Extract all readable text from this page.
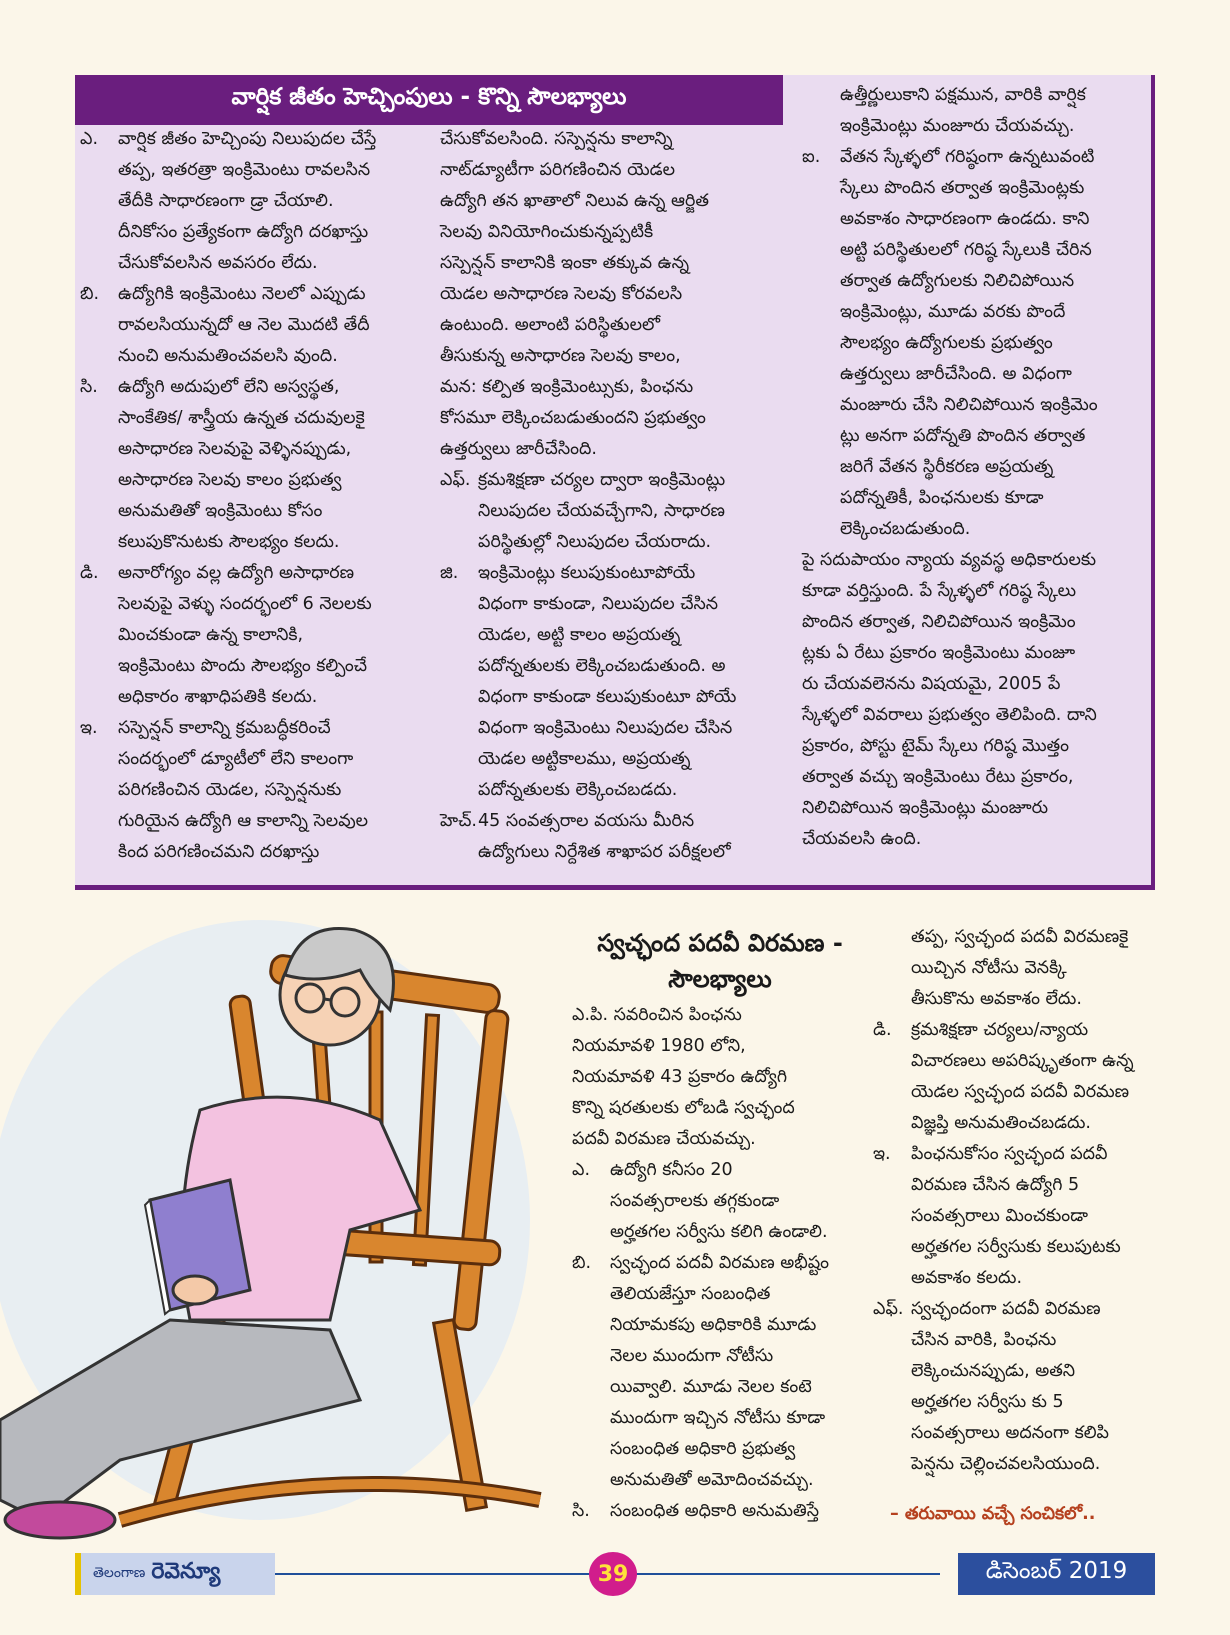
వార్షిక జీతం హెచ్చింపులు - కొన్ని సౌలభ్యాలు
ఎ.	వార్షిక జీతం హెచ్చింపు నిలుపుదల చేస్తే
తప్ప, ఇతరత్రా ఇంక్రిమెంటు రావలసిన
తేదీకి సాధారణంగా డ్రా చేయాలి.
దీనికోసం ప్రత్యేకంగా ఉద్యోగి దరఖాస్తు
చేసుకోవలసిన అవసరం లేదు.
బి.	ఉద్యోగికి ఇంక్రిమెంటు నెలలో ఎప్పుడు
రావలసియున్నదో ఆ నెల మొదటి తేదీ
నుంచి అనుమతించవలసి వుంది.
సి.	ఉద్యోగి అదుపులో లేని అస్వస్థత,
సాంకేతిక/ శాస్త్రీయ ఉన్నత చదువులకై
అసాధారణ సెలవుపై వెళ్ళినప్పుడు,
అసాధారణ సెలవు కాలం ప్రభుత్వ
అనుమతితో ఇంక్రిమెంటు కోసం
కలుపుకొనుటకు సౌలభ్యం కలదు.
డి.	అనారోగ్యం వల్ల ఉద్యోగి అసాధారణ
సెలవుపై వెళ్ళు సందర్భంలో 6 నెలలకు
మించకుండా ఉన్న కాలానికి,
ఇంక్రిమెంటు పొందు సౌలభ్యం కల్పించే
అధికారం శాఖాధిపతికి కలదు.
ఇ.	సస్పెన్షన్ కాలాన్ని క్రమబద్ధీకరించే
సందర్భంలో డ్యూటీలో లేని కాలంగా
పరిగణించిన యెడల, సస్పెన్షనుకు
గురియైన ఉద్యోగి ఆ కాలాన్ని సెలవుల
కింద పరిగణించమని దరఖాస్తు
చేసుకోవలసింది. సస్పెన్షను కాలాన్ని
నాట్‌డ్యూటీగా పరిగణించిన యెడల
ఉద్యోగి తన ఖాతాలో నిలువ ఉన్న ఆర్జిత
సెలవు వినియోగించుకున్నప్పటికీ
సస్పెన్షన్ కాలానికి ఇంకా తక్కువ ఉన్న
యెడల అసాధారణ సెలవు కోరవలసి
ఉంటుంది. అలాంటి పరిస్థితులలో
తీసుకున్న అసాధారణ సెలవు కాలం,
మన: కల్పిత ఇంక్రిమెంట్సుకు, పింఛను
కోసమూ లెక్కించబడుతుందని ప్రభుత్వం
ఉత్తర్వులు జారీచేసింది.
ఎఫ్. క్రమశిక్షణా చర్యల ద్వారా ఇంక్రిమెంట్లు
నిలుపుదల చేయవచ్చేగాని, సాధారణ
పరిస్థితుల్లో నిలుపుదల చేయరాదు.
జి.	ఇంక్రిమెంట్లు కలుపుకుంటూపోయే
విధంగా కాకుండా, నిలుపుదల చేసిన
యెడల, అట్టి కాలం అప్రయత్న
పదోన్నతులకు లెక్కించబడుతుంది. అ
విధంగా కాకుండా కలుపుకుంటూ పోయే
విధంగా ఇంక్రిమెంటు నిలుపుదల చేసిన
యెడల అట్టికాలము, అప్రయత్న
పదోన్నతులకు లెక్కించబడదు.
హెచ్. 45 సంవత్సరాల వయసు మీరిన
ఉద్యోగులు నిర్దేశిత శాఖాపర పరీక్షలలో
ఉత్తీర్ణులుకాని పక్షమున, వారికి వార్షిక
ఇంక్రిమెంట్లు మంజూరు చేయవచ్చు.
ఐ.	వేతన స్కేళ్ళలో గరిష్ఠంగా ఉన్నటువంటి
స్కేలు పొందిన తర్వాత ఇంక్రిమెంట్లకు
అవకాశం సాధారణంగా ఉండదు. కాని
అట్టి పరిస్థితులలో గరిష్ఠ స్కేలుకి చేరిన
తర్వాత ఉద్యోగులకు నిలిచిపోయిన
ఇంక్రిమెంట్లు, మూడు వరకు పొందే
సౌలభ్యం ఉద్యోగులకు ప్రభుత్వం
ఉత్తర్వులు జారీచేసింది. అ విధంగా
మంజూరు చేసి నిలిచిపోయిన ఇంక్రిమెం
ట్లు అనగా పదోన్నతి పొందిన తర్వాత
జరిగే వేతన స్థిరీకరణ అప్రయత్న
పదోన్నతికీ, పింఛనులకు కూడా
లెక్కించబడుతుంది.
పై సదుపాయం న్యాయ వ్యవస్థ అధికారులకు
కూడా వర్తిస్తుంది. పే స్కేళ్ళలో గరిష్ఠ స్కేలు
పొందిన తర్వాత, నిలిచిపోయిన ఇంక్రిమెం
ట్లకు ఏ రేటు ప్రకారం ఇంక్రిమెంటు మంజూ
రు చేయవలెనను విషయమై, 2005 పే
స్కేళ్ళలో వివరాలు ప్రభుత్వం తెలిపింది. దాని
ప్రకారం, పోస్టు టైమ్ స్కేలు గరిష్ఠ మొత్తం
తర్వాత వచ్చు ఇంక్రిమెంటు రేటు ప్రకారం,
నిలిచిపోయిన ఇంక్రిమెంట్లు మంజూరు
చేయవలసి ఉంది.
స్వచ్ఛంద పదవీ విరమణ - సౌలభ్యాలు
ఎ.పి. సవరించిన పింఛను
నియమావళి 1980 లోని,
నియమావళి 43 ప్రకారం ఉద్యోగి
కొన్ని షరతులకు లోబడి స్వచ్ఛంద
పదవీ విరమణ చేయవచ్చు.
ఎ.	ఉద్యోగి కనీసం 20
సంవత్సరాలకు తగ్గకుండా
అర్హతగల సర్వీసు కలిగి ఉండాలి.
బి.	స్వచ్ఛంద పదవీ విరమణ అభీష్టం
తెలియజేస్తూ సంబంధిత
నియామకపు అధికారికి మూడు
నెలల ముందుగా నోటీసు
యివ్వాలి. మూడు నెలల కంటె
ముందుగా ఇచ్చిన నోటీసు కూడా
సంబంధిత అధికారి ప్రభుత్వ
అనుమతితో అమోదించవచ్చు.
సి.	సంబంధిత అధికారి అనుమతిస్తే
తప్ప, స్వచ్ఛంద పదవీ విరమణకై
యిచ్చిన నోటీసు వెనక్కి
తీసుకొను అవకాశం లేదు.
డి.	క్రమశిక్షణా చర్యలు/న్యాయ
విచారణలు అపరిష్కృతంగా ఉన్న
యెడల స్వచ్ఛంద పదవీ విరమణ
విజ్ఞప్తి అనుమతించబడదు.
ఇ.	పింఛనుకోసం స్వచ్ఛంద పదవీ
విరమణ చేసిన ఉద్యోగి 5
సంవత్సరాలు మించకుండా
అర్హతగల సర్వీసుకు కలుపుటకు
అవకాశం కలదు.
ఎఫ్. స్వచ్ఛందంగా పదవీ విరమణ
చేసిన వారికి, పింఛను
లెక్కించునప్పుడు, అతని
అర్హతగల సర్వీసు కు 5
సంవత్సరాలు అదనంగా కలిపి
పెన్షను చెల్లించవలసియుంది.
– తరువాయి వచ్చే సంచికలో..
తెలంగాణ రెవెన్యూ	39	డిసెంబర్ 2019
